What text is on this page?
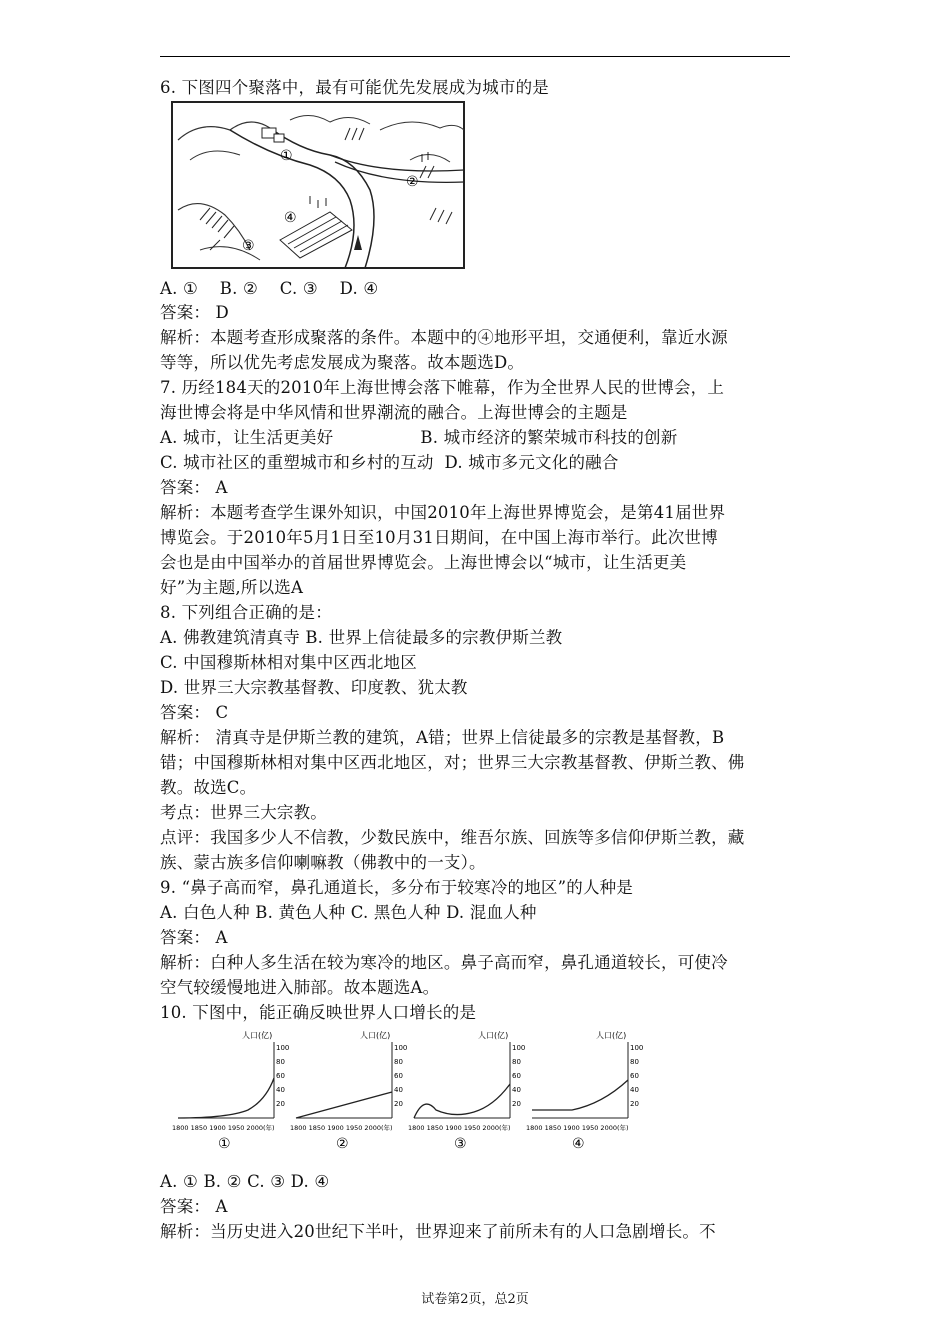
6. 下图四个聚落中，最有可能优先发展成为城市的是
①
②
③
④
A. ①    B. ②    C. ③    D. ④
答案： D
解析：本题考查形成聚落的条件。本题中的④地形平坦，交通便利，靠近水源
等等，所以优先考虑发展成为聚落。故本题选D。
7. 历经184天的2010年上海世博会落下帷幕，作为全世界人民的世博会，上
海世博会将是中华风情和世界潮流的融合。上海世博会的主题是
A. 城市，让生活更美好                B. 城市经济的繁荣城市科技的创新
C. 城市社区的重塑城市和乡村的互动  D. 城市多元文化的融合
答案： A
解析：本题考查学生课外知识，中国2010年上海世界博览会，是第41届世界
博览会。于2010年5月1日至10月31日期间，在中国上海市举行。此次世博
会也是由中国举办的首届世界博览会。上海世博会以“城市，让生活更美
好”为主题,所以选A
8. 下列组合正确的是：
A. 佛教建筑清真寺 B. 世界上信徒最多的宗教伊斯兰教
C. 中国穆斯林相对集中区西北地区
D. 世界三大宗教基督教、印度教、犹太教
答案： C
解析： 清真寺是伊斯兰教的建筑，A错；世界上信徒最多的宗教是基督教，B
错；中国穆斯林相对集中区西北地区，对；世界三大宗教基督教、伊斯兰教、佛
教。故选C。
考点：世界三大宗教。
点评：我国多少人不信教，少数民族中，维吾尔族、回族等多信仰伊斯兰教，藏
族、蒙古族多信仰喇嘛教（佛教中的一支）。
9. “鼻子高而窄，鼻孔通道长，多分布于较寒冷的地区”的人种是
A. 白色人种 B. 黄色人种 C. 黑色人种 D. 混血人种
答案： A
解析：白种人多生活在较为寒冷的地区。鼻子高而窄，鼻孔通道较长，可使冷
空气较缓慢地进入肺部。故本题选A。
10. 下图中，能正确反映世界人口增长的是
人口(亿)
100
80
60
40
20
1800 1850 1900 1950 2000(年)
①
人口(亿)
100
80
60
40
20
1800 1850 1900 1950 2000(年)
②
人口(亿)
100
80
60
40
20
1800 1850 1900 1950 2000(年)
③
人口(亿)
100
80
60
40
20
1800 1850 1900 1950 2000(年)
④
A. ① B. ② C. ③ D. ④
答案： A
解析：当历史进入20世纪下半叶，世界迎来了前所未有的人口急剧增长。不
试卷第2页，总2页
